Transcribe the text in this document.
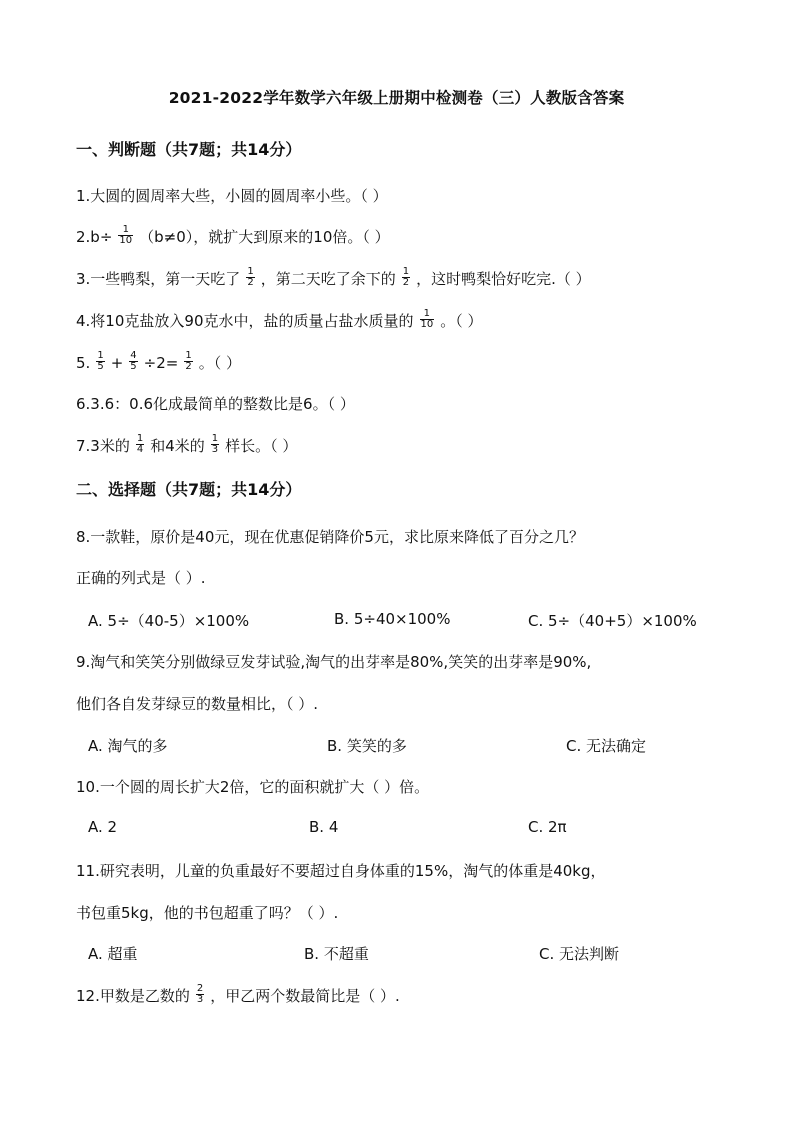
2021-2022学年数学六年级上册期中检测卷（三）人教版含答案
一、判断题（共7题；共14分）
1.大圆的圆周率大些，小圆的圆周率小些。（ ）
$2.b\div \frac{1}{10} (b\ne 0)$，就扩大到原来的10倍。（ ）
3.一些鸭梨，第一天吃了 $\frac{1}{2}$ ，第二天吃了余下的 $\frac{1}{2}$ ，这时鸭梨恰好吃完.（ ）
4.将10克盐放入90克水中，盐的质量占盐水质量的 $\frac{1}{10}$ 。（ ）
5. $\frac{1}{5} + \frac{4}{5} \div 2= \frac{1}{2}$ 。（ ）
6.3.6：0.6化成最简单的整数比是6。（ ）
7.3米的 $\frac{1}{4}$ 和4米的 $\frac{1}{3}$ 样长。（ ）
二、选择题（共7题；共14分）
8.一款鞋，原价是40元，现在优惠促销降价5元，求比原来降低了百分之几？
正确的列式是（ ）.
A. 5÷（40-5）×100%	B. 5÷40×100%	C. 5÷（40+5）×100%
9.淘气和笑笑分别做绿豆发芽试验,淘气的出芽率是80%,笑笑的出芽率是90%,
他们各自发芽绿豆的数量相比，（ ）.
A. 淘气的多	B. 笑笑的多	C. 无法确定
10.一个圆的周长扩大2倍，它的面积就扩大（ ）倍。
A. 2	B. 4	C. 2π
11.研究表明，儿童的负重最好不要超过自身体重的15%，淘气的体重是40kg，
书包重5kg，他的书包超重了吗？（ ）.
A. 超重	B. 不超重	C. 无法判断
12.甲数是乙数的 $\frac{2}{3}$ ，甲乙两个数最简比是（ ）.
